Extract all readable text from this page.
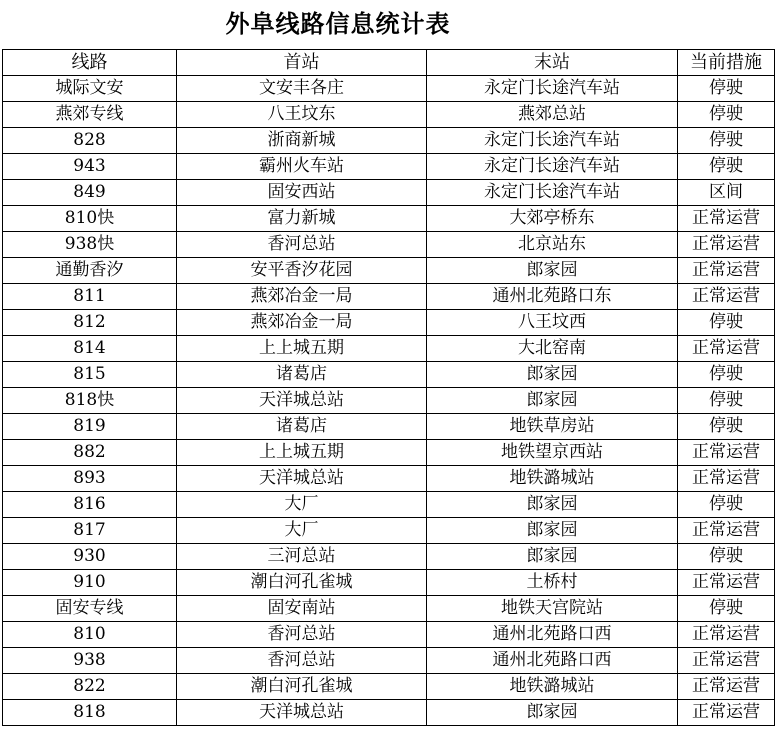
外阜线路信息统计表
线路	首站	末站	当前措施
城际文安	文安丰各庄	永定门长途汽车站	停驶
燕郊专线	八王坟东	燕郊总站	停驶
828	浙商新城	永定门长途汽车站	停驶
943	霸州火车站	永定门长途汽车站	停驶
849	固安西站	永定门长途汽车站	区间
810快	富力新城	大郊亭桥东	正常运营
938快	香河总站	北京站东	正常运营
通勤香汐	安平香汐花园	郎家园	正常运营
811	燕郊冶金一局	通州北苑路口东	正常运营
812	燕郊冶金一局	八王坟西	停驶
814	上上城五期	大北窑南	正常运营
815	诸葛店	郎家园	停驶
818快	天洋城总站	郎家园	停驶
819	诸葛店	地铁草房站	停驶
882	上上城五期	地铁望京西站	正常运营
893	天洋城总站	地铁潞城站	正常运营
816	大厂	郎家园	停驶
817	大厂	郎家园	正常运营
930	三河总站	郎家园	停驶
910	潮白河孔雀城	土桥村	正常运营
固安专线	固安南站	地铁天宫院站	停驶
810	香河总站	通州北苑路口西	正常运营
938	香河总站	通州北苑路口西	正常运营
822	潮白河孔雀城	地铁潞城站	正常运营
818	天洋城总站	郎家园	正常运营
